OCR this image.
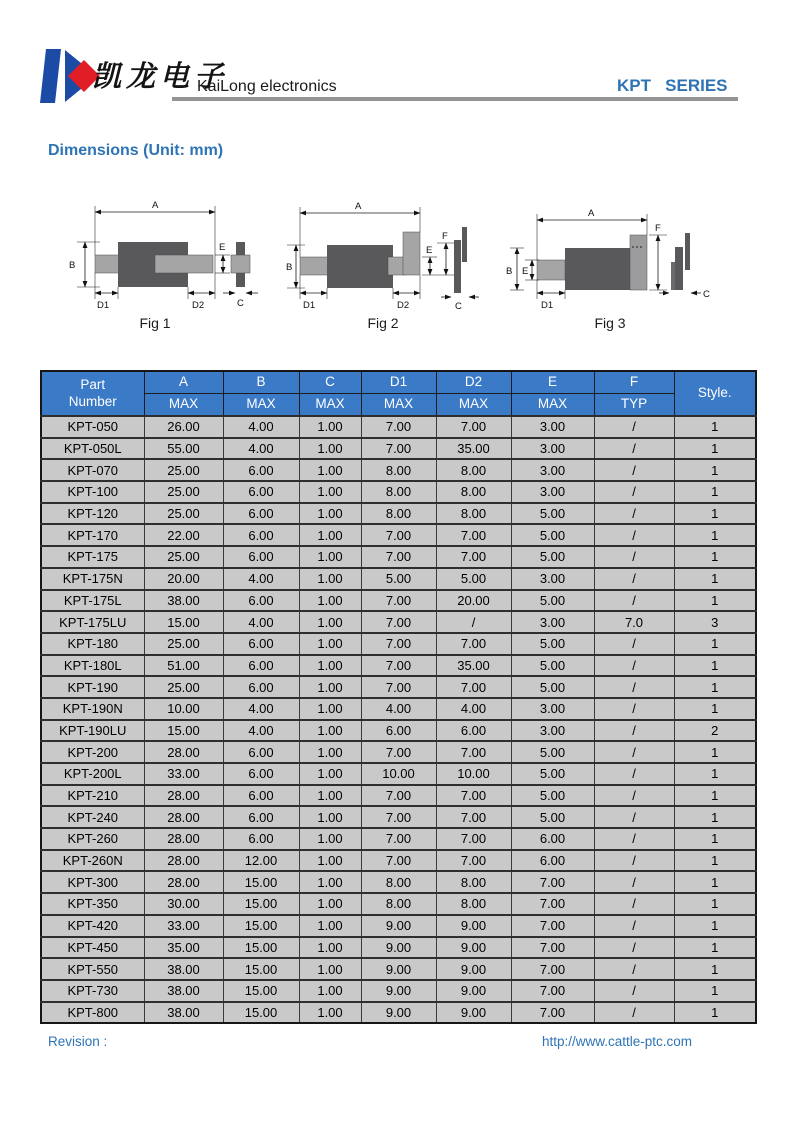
凯龙电子
KaiLong electronics	KPT   SERIES
Dimensions (Unit: mm)
A
B
E
D1	D2	C
Fig 1
A
B
D1	D2
E
F
C
Fig 2
A
B E
D1
F
C
Fig 3
Part
Number	A	B	C	D1	D2	E	F	Style.
	MAX	MAX	MAX	MAX	MAX	MAX	TYP	
KPT-050	26.00	4.00	1.00	7.00	7.00	3.00	/	1
KPT-050L	55.00	4.00	1.00	7.00	35.00	3.00	/	1
KPT-070	25.00	6.00	1.00	8.00	8.00	3.00	/	1
KPT-100	25.00	6.00	1.00	8.00	8.00	3.00	/	1
KPT-120	25.00	6.00	1.00	8.00	8.00	5.00	/	1
KPT-170	22.00	6.00	1.00	7.00	7.00	5.00	/	1
KPT-175	25.00	6.00	1.00	7.00	7.00	5.00	/	1
KPT-175N	20.00	4.00	1.00	5.00	5.00	3.00	/	1
KPT-175L	38.00	6.00	1.00	7.00	20.00	5.00	/	1
KPT-175LU	15.00	4.00	1.00	7.00	/	3.00	7.0	3
KPT-180	25.00	6.00	1.00	7.00	7.00	5.00	/	1
KPT-180L	51.00	6.00	1.00	7.00	35.00	5.00	/	1
KPT-190	25.00	6.00	1.00	7.00	7.00	5.00	/	1
KPT-190N	10.00	4.00	1.00	4.00	4.00	3.00	/	1
KPT-190LU	15.00	4.00	1.00	6.00	6.00	3.00	/	2
KPT-200	28.00	6.00	1.00	7.00	7.00	5.00	/	1
KPT-200L	33.00	6.00	1.00	10.00	10.00	5.00	/	1
KPT-210	28.00	6.00	1.00	7.00	7.00	5.00	/	1
KPT-240	28.00	6.00	1.00	7.00	7.00	5.00	/	1
KPT-260	28.00	6.00	1.00	7.00	7.00	6.00	/	1
KPT-260N	28.00	12.00	1.00	7.00	7.00	6.00	/	1
KPT-300	28.00	15.00	1.00	8.00	8.00	7.00	/	1
KPT-350	30.00	15.00	1.00	8.00	8.00	7.00	/	1
KPT-420	33.00	15.00	1.00	9.00	9.00	7.00	/	1
KPT-450	35.00	15.00	1.00	9.00	9.00	7.00	/	1
KPT-550	38.00	15.00	1.00	9.00	9.00	7.00	/	1
KPT-730	38.00	15.00	1.00	9.00	9.00	7.00	/	1
KPT-800	38.00	15.00	1.00	9.00	9.00	7.00	/	1
Revision :	http://www.cattle-ptc.com
